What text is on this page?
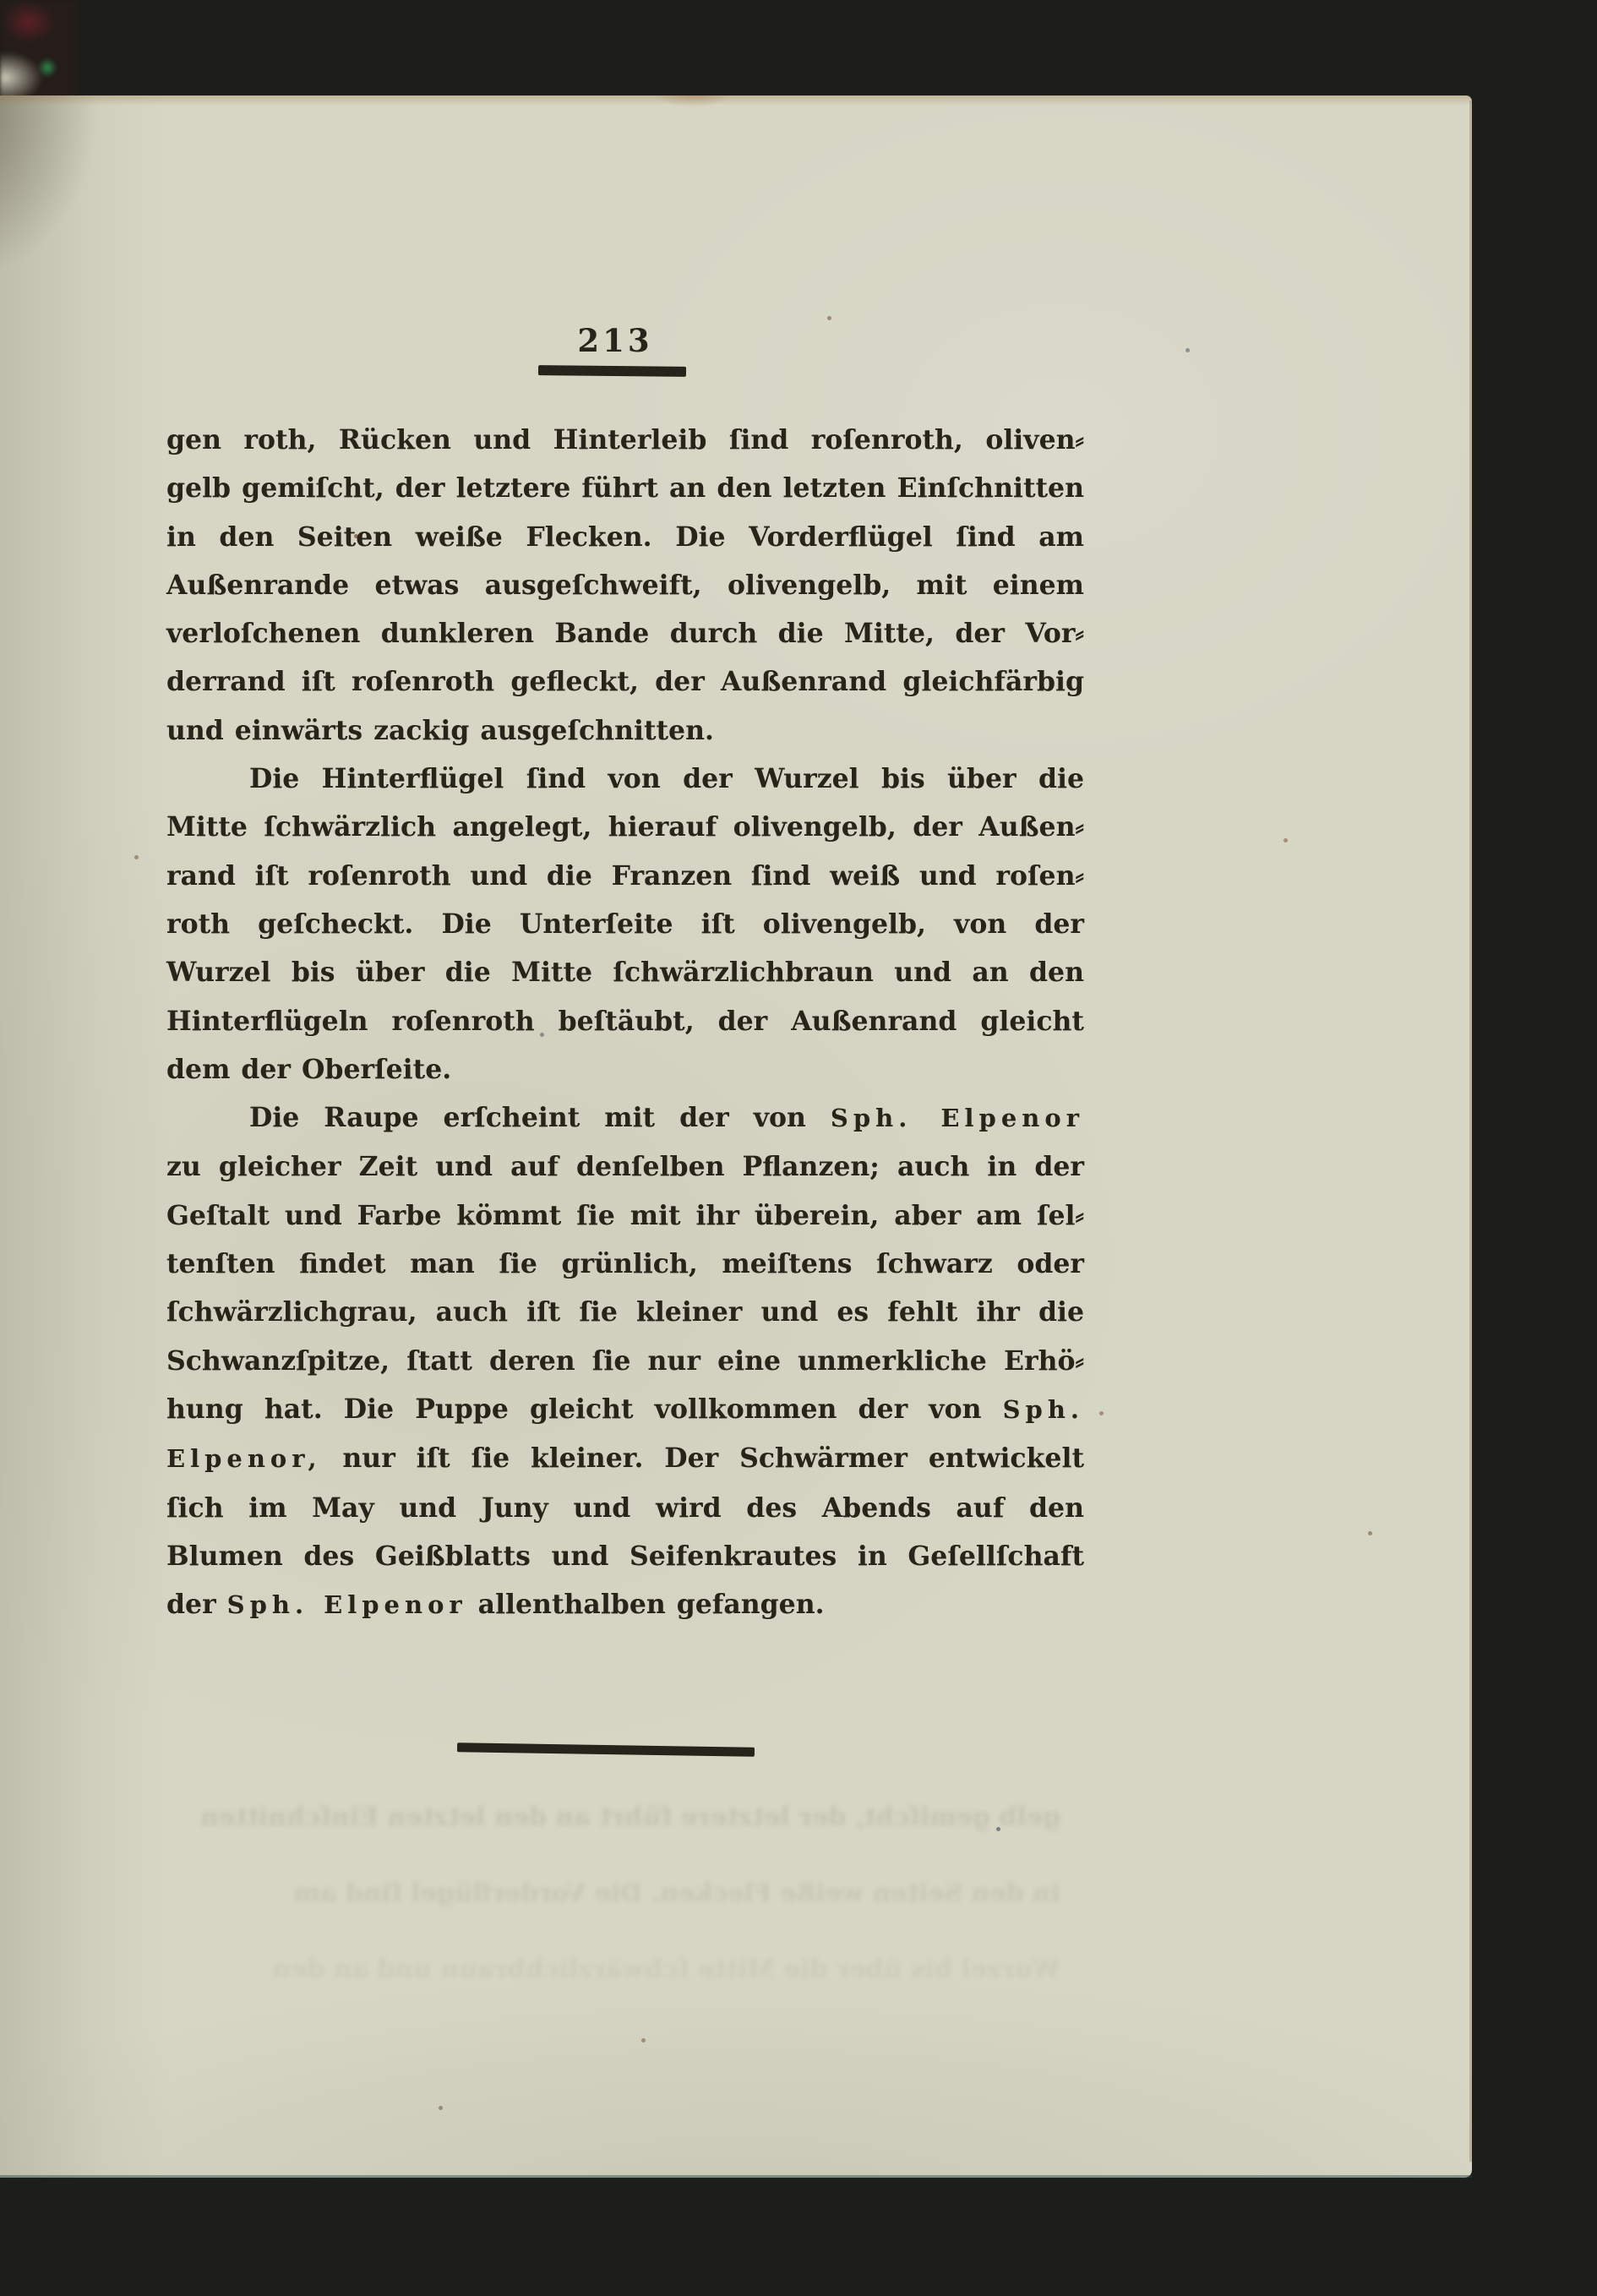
213
gen roth, Rücken und Hinterleib ſind roſenroth, oliven⸗
gelb gemiſcht, der letztere führt an den letzten Einſchnitten
in den Seiten weiße Flecken. Die Vorderflügel ſind am
Außenrande etwas ausgeſchweift, olivengelb, mit einem
verloſchenen dunkleren Bande durch die Mitte, der Vor⸗
derrand iſt roſenroth gefleckt, der Außenrand gleichfärbig
und einwärts zackig ausgeſchnitten.
Die Hinterflügel ſind von der Wurzel bis über die
Mitte ſchwärzlich angelegt, hierauf olivengelb, der Außen⸗
rand iſt roſenroth und die Franzen ſind weiß und roſen⸗
roth geſcheckt. Die Unterſeite iſt olivengelb, von der
Wurzel bis über die Mitte ſchwärzlichbraun und an den
Hinterflügeln roſenroth beſtäubt, der Außenrand gleicht
dem der Oberſeite.
Die Raupe erſcheint mit der von Sph. Elpenor
zu gleicher Zeit und auf denſelben Pflanzen; auch in der
Geſtalt und Farbe kömmt ſie mit ihr überein, aber am ſel⸗
tenſten findet man ſie grünlich, meiſtens ſchwarz oder
ſchwärzlichgrau, auch iſt ſie kleiner und es fehlt ihr die
Schwanzſpitze, ſtatt deren ſie nur eine unmerkliche Erhö⸗
hung hat. Die Puppe gleicht vollkommen der von Sph.
Elpenor, nur iſt ſie kleiner. Der Schwärmer entwickelt
ſich im May und Juny und wird des Abends auf den
Blumen des Geißblatts und Seifenkrautes in Geſellſchaft
der Sph. Elpenor allenthalben gefangen.
gelb gemiſcht, der letztere führt an den letzten Einſchnitten
in den Seiten weiße Flecken. Die Vorderflügel ſind am
Wurzel bis über die Mitte ſchwärzlichbraun und an den
